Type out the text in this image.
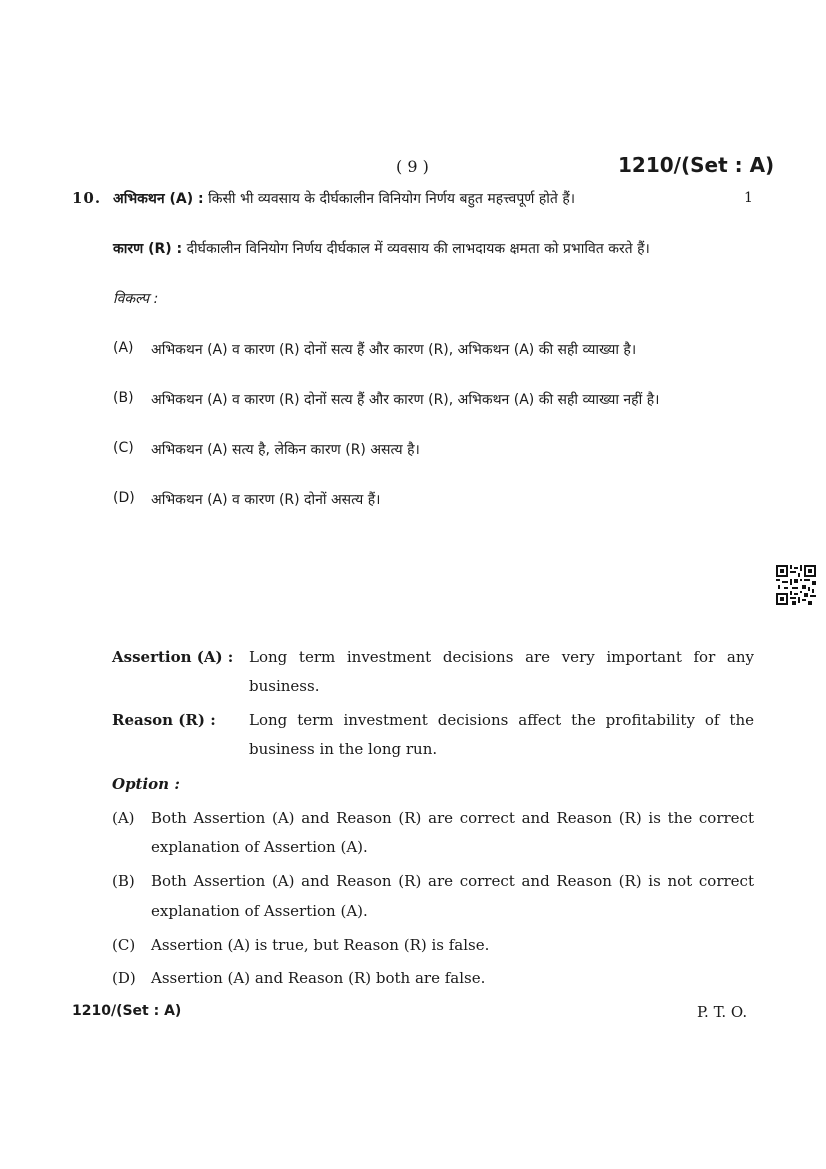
( 9 )	1210/(Set : A)
10.	1
अभिकथन (A) : किसी भी व्यवसाय के दीर्घकालीन विनियोग निर्णय बहुत महत्त्वपूर्ण होते हैं।
कारण (R) : दीर्घकालीन विनियोग निर्णय दीर्घकाल में व्यवसाय की लाभदायक क्षमता को प्रभावित करते हैं।
विकल्प :
(A) अभिकथन (A) व कारण (R) दोनों सत्य हैं और कारण (R), अभिकथन (A) की सही व्याख्या है।
(B) अभिकथन (A) व कारण (R) दोनों सत्य हैं और कारण (R), अभिकथन (A) की सही व्याख्या नहीं है।
(C) अभिकथन (A) सत्य है, लेकिन कारण (R) असत्य है।
(D) अभिकथन (A) व कारण (R) दोनों असत्य हैं।
Assertion (A) : Long term investment decisions are very important for any
business.
Reason (R) : Long term investment decisions affect the profitability of the
business in the long run.
Option :
(A) Both Assertion (A) and Reason (R) are correct and Reason (R) is the correct
explanation of Assertion (A).
(B) Both Assertion (A) and Reason (R) are correct and Reason (R) is not correct
explanation of Assertion (A).
(C) Assertion (A) is true, but Reason (R) is false.
(D) Assertion (A) and Reason (R) both are false.
1210/(Set : A)	P. T. O.
